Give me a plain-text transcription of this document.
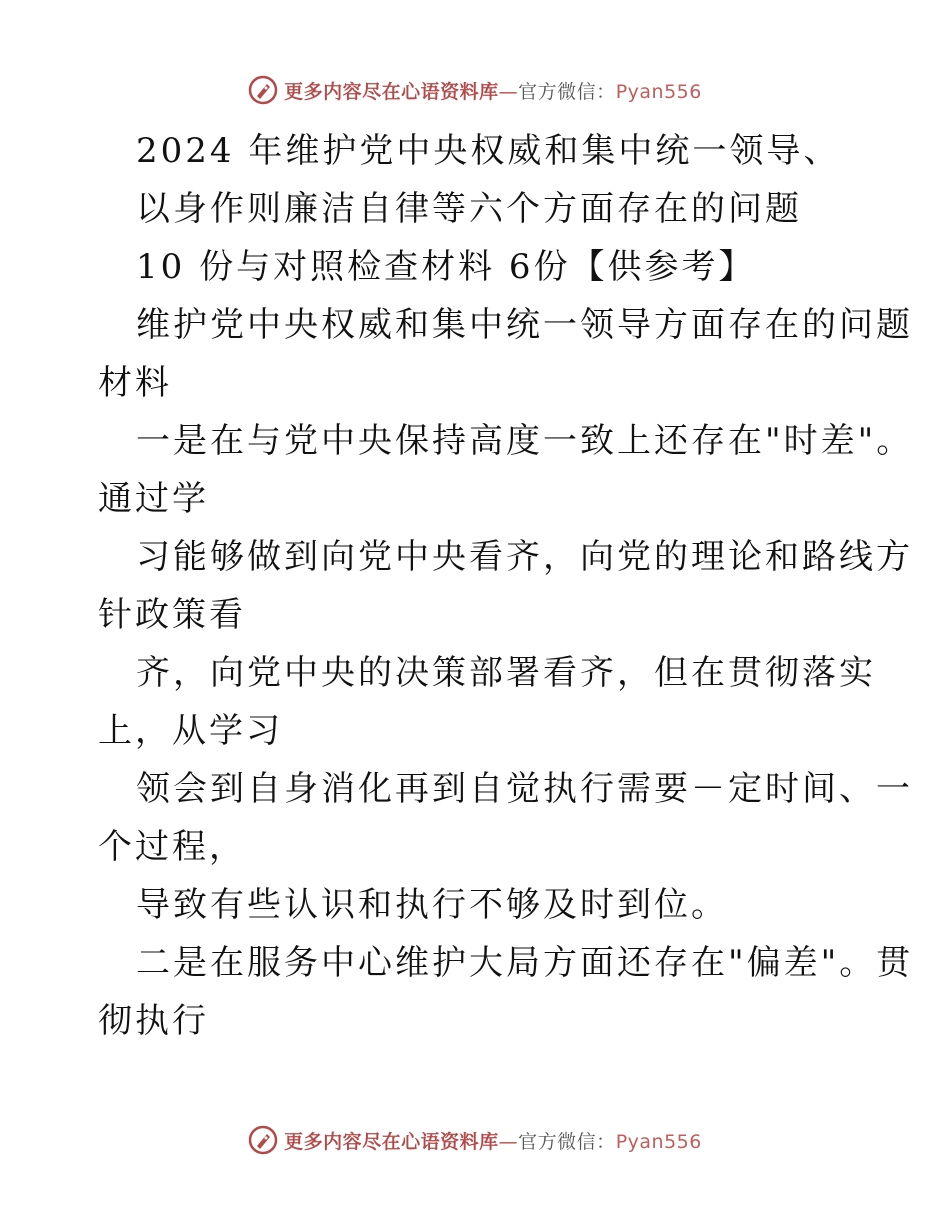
更多内容尽在心语资料库—官方微信：Pyan556
2024 年维护党中央权威和集中统一领导、
以身作则廉洁自律等六个方面存在的问题
10 份与对照检查材料 6份【供参考】
维护党中央权威和集中统一领导方面存在的问题
材料
一是在与党中央保持高度一致上还存在"时差"。
通过学
习能够做到向党中央看齐，向党的理论和路线方
针政策看
齐，向党中央的决策部署看齐，但在贯彻落实
上，从学习
领会到自身消化再到自觉执行需要－定时间、一
个过程，
导致有些认识和执行不够及时到位。
二是在服务中心维护大局方面还存在"偏差"。贯
彻执行
更多内容尽在心语资料库—官方微信：Pyan556
